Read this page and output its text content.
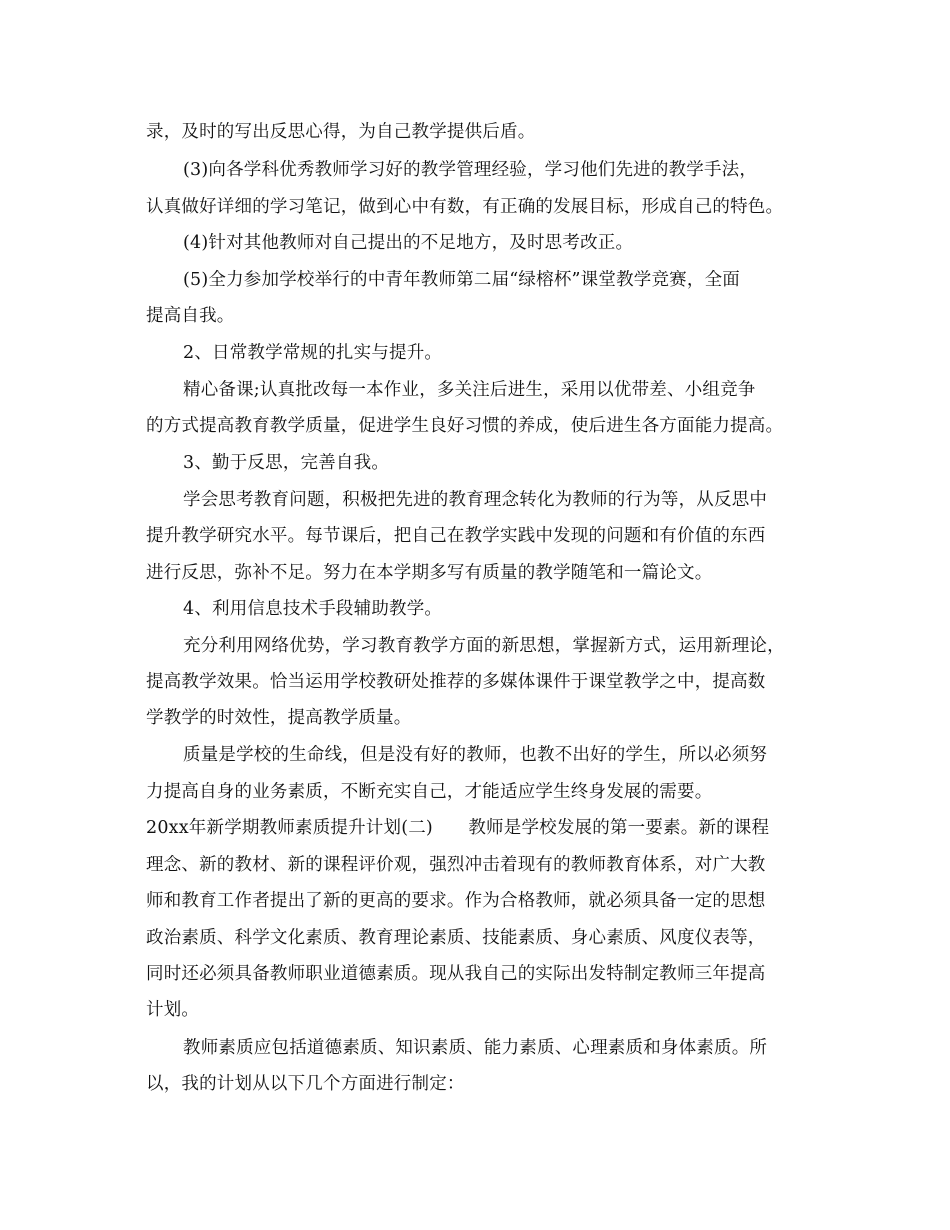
录，及时的写出反思心得，为自己教学提供后盾。
(3)向各学科优秀教师学习好的教学管理经验，学习他们先进的教学手法，
认真做好详细的学习笔记，做到心中有数，有正确的发展目标，形成自己的特色。
(4)针对其他教师对自己提出的不足地方，及时思考改正。
(5)全力参加学校举行的中青年教师第二届“绿榕杯”课堂教学竞赛，全面
提高自我。
2、日常教学常规的扎实与提升。
精心备课;认真批改每一本作业，多关注后进生，采用以优带差、小组竞争
的方式提高教育教学质量，促进学生良好习惯的养成，使后进生各方面能力提高。
3、勤于反思，完善自我。
学会思考教育问题，积极把先进的教育理念转化为教师的行为等，从反思中
提升教学研究水平。每节课后，把自己在教学实践中发现的问题和有价值的东西
进行反思，弥补不足。努力在本学期多写有质量的教学随笔和一篇论文。
4、利用信息技术手段辅助教学。
充分利用网络优势，学习教育教学方面的新思想，掌握新方式，运用新理论，
提高教学效果。恰当运用学校教研处推荐的多媒体课件于课堂教学之中，提高数
学教学的时效性，提高教学质量。
质量是学校的生命线，但是没有好的教师，也教不出好的学生，所以必须努
力提高自身的业务素质，不断充实自己，才能适应学生终身发展的需要。
20xx年新学期教师素质提升计划(二)　　教师是学校发展的第一要素。新的课程
理念、新的教材、新的课程评价观，强烈冲击着现有的教师教育体系，对广大教
师和教育工作者提出了新的更高的要求。作为合格教师，就必须具备一定的思想
政治素质、科学文化素质、教育理论素质、技能素质、身心素质、风度仪表等，
同时还必须具备教师职业道德素质。现从我自己的实际出发特制定教师三年提高
计划。
教师素质应包括道德素质、知识素质、能力素质、心理素质和身体素质。所
以，我的计划从以下几个方面进行制定：
